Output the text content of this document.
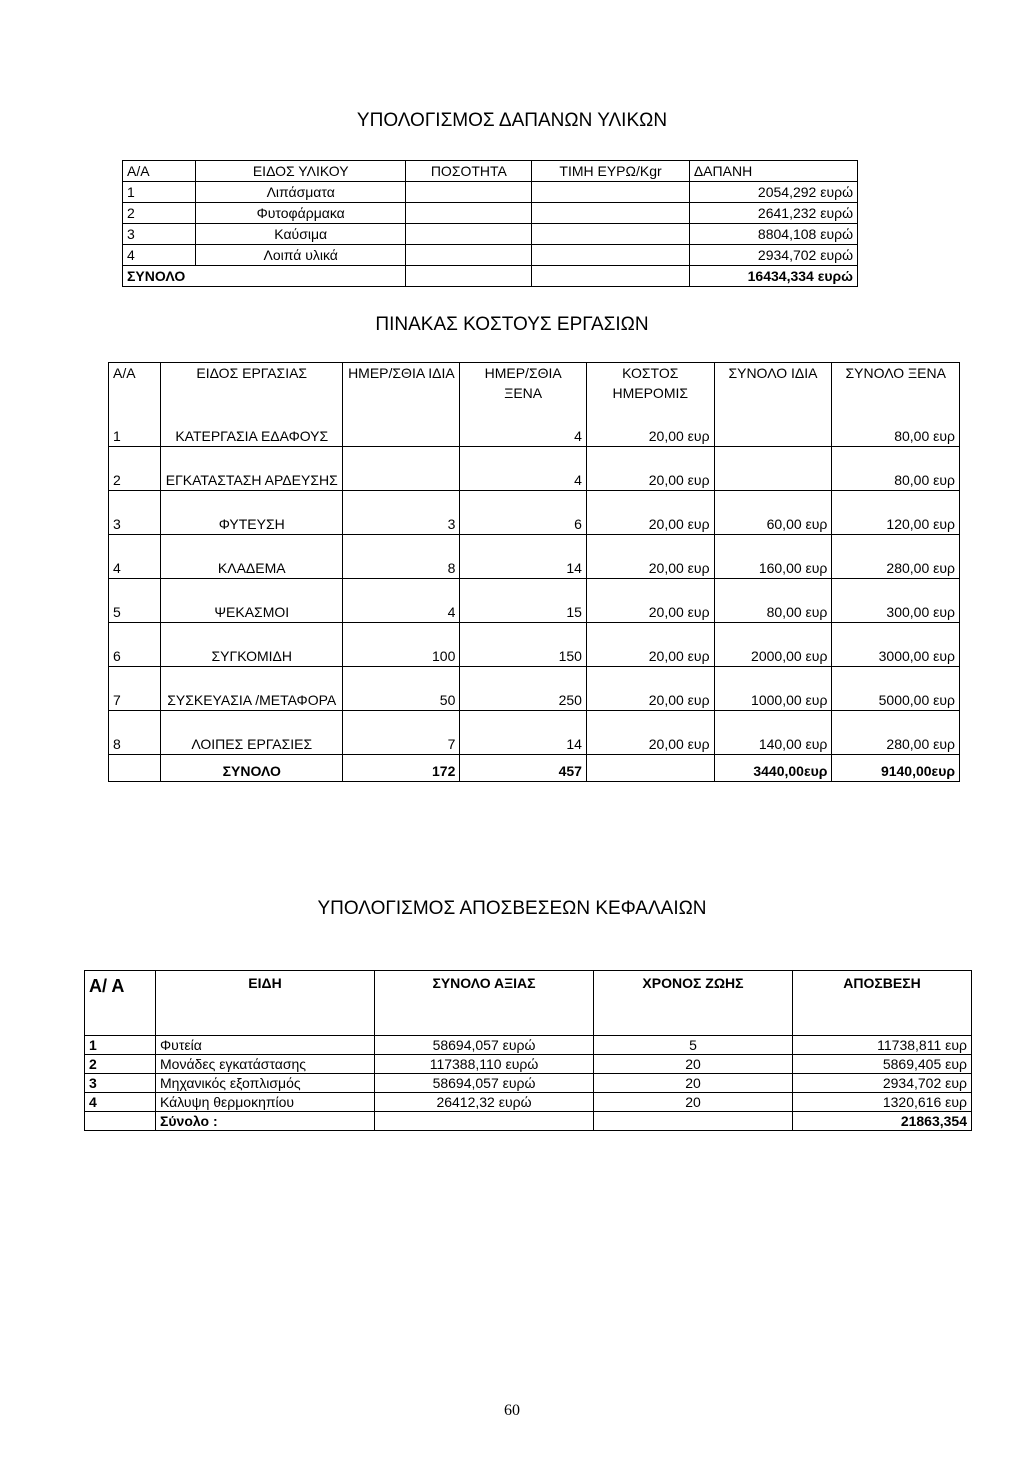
ΥΠΟΛΟΓΙΣΜΟΣ ΔΑΠΑΝΩΝ ΥΛΙΚΩΝ
Α/Α	ΕΙΔΟΣ ΥΛΙΚΟΥ	ΠΟΣΟΤΗΤΑ	ΤΙΜΗ ΕΥΡΩ/Kgr	ΔΑΠΑΝΗ
1	Λιπάσματα			2054,292 ευρώ
2	Φυτοφάρμακα			2641,232 ευρώ
3	Καύσιμα			8804,108 ευρώ
4	Λοιπά υλικά			2934,702 ευρώ
ΣΥΝΟΛΟ				16434,334 ευρώ
ΠΙΝΑΚΑΣ ΚΟΣΤΟΥΣ ΕΡΓΑΣΙΩΝ
Α/Α	ΕΙΔΟΣ ΕΡΓΑΣΙΑΣ	ΗΜΕΡ/ΣΘΙΑ ΙΔΙΑ	ΗΜΕΡ/ΣΘΙΑ ΞΕΝΑ	ΚΟΣΤΟΣ ΗΜΕΡΟΜΙΣ	ΣΥΝΟΛΟ ΙΔΙΑ	ΣΥΝΟΛΟ ΞΕΝΑ
1	ΚΑΤΕΡΓΑΣΙΑ ΕΔΑΦΟΥΣ		4	20,00 ευρ		80,00 ευρ
2	ΕΓΚΑΤΑΣΤΑΣΗ ΑΡΔΕΥΣΗΣ		4	20,00 ευρ		80,00 ευρ
3	ΦΥΤΕΥΣΗ	3	6	20,00 ευρ	60,00 ευρ	120,00 ευρ
4	ΚΛΑΔΕΜΑ	8	14	20,00 ευρ	160,00 ευρ	280,00 ευρ
5	ΨΕΚΑΣΜΟΙ	4	15	20,00 ευρ	80,00 ευρ	300,00 ευρ
6	ΣΥΓΚΟΜΙΔΗ	100	150	20,00 ευρ	2000,00 ευρ	3000,00 ευρ
7	ΣΥΣΚΕΥΑΣΙΑ /ΜΕΤΑΦΟΡΑ	50	250	20,00 ευρ	1000,00 ευρ	5000,00 ευρ
8	ΛΟΙΠΕΣ ΕΡΓΑΣΙΕΣ	7	14	20,00 ευρ	140,00 ευρ	280,00 ευρ
	ΣΥΝΟΛΟ	172	457		3440,00ευρ	9140,00ευρ
ΥΠΟΛΟΓΙΣΜΟΣ ΑΠΟΣΒΕΣΕΩΝ ΚΕΦΑΛΑΙΩΝ
Α/ Α	ΕΙΔΗ	ΣΥΝΟΛΟ ΑΞΙΑΣ	ΧΡΟΝΟΣ ΖΩΗΣ	ΑΠΟΣΒΕΣΗ
1	Φυτεία	58694,057 ευρώ	5	11738,811 ευρ
2	Μονάδες εγκατάστασης	117388,110 ευρώ	20	5869,405 ευρ
3	Μηχανικός εξοπλισμός	58694,057 ευρώ	20	2934,702 ευρ
4	Κάλυψη θερμοκηπίου	26412,32 ευρώ	20	1320,616 ευρ
	Σύνολο :			21863,354
60
